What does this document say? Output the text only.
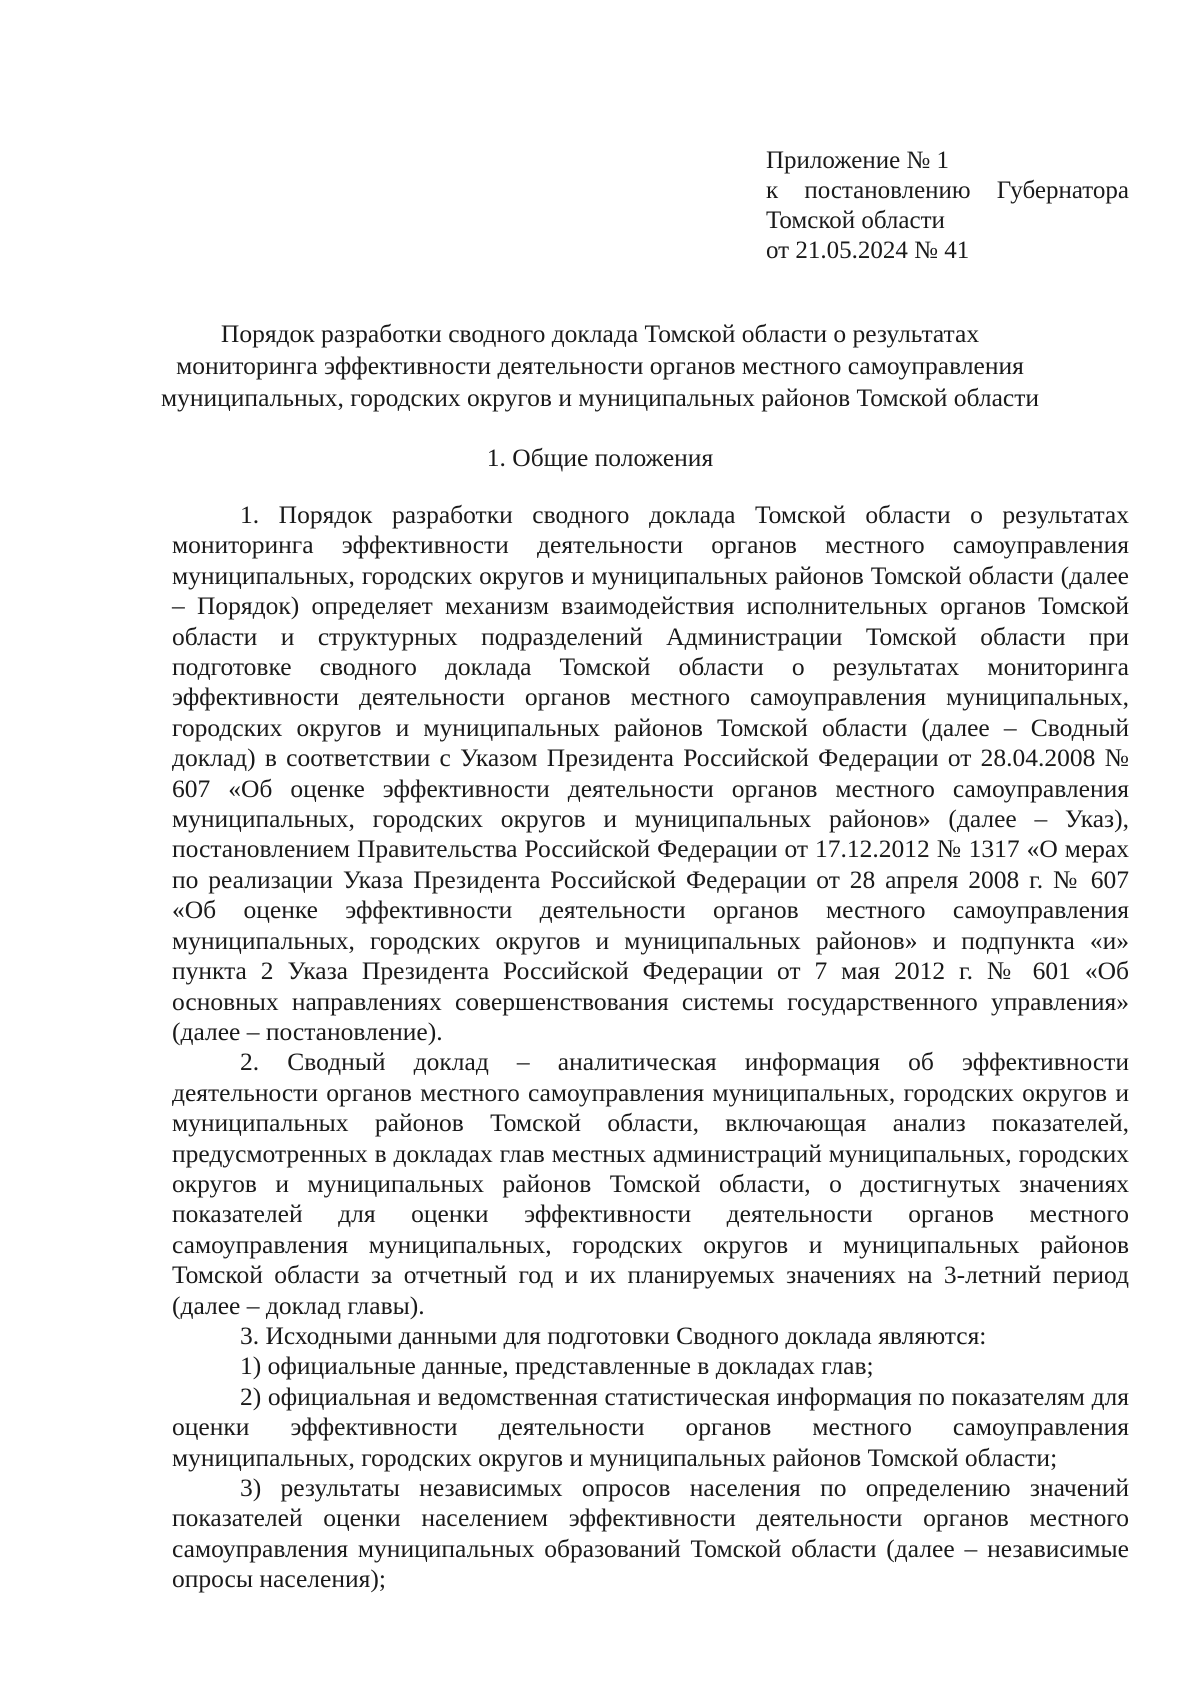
Приложение № 1
к постановлению Губернатора
Томской области
от 21.05.2024 № 41
Порядок разработки сводного доклада Томской области о результатах мониторинга эффективности деятельности органов местного самоуправления муниципальных, городских округов и муниципальных районов Томской области
1. Общие положения

1. Порядок разработки сводного доклада Томской области о результатах мониторинга эффективности деятельности органов местного самоуправления муниципальных, городских округов и муниципальных районов Томской области (далее – Порядок) определяет механизм взаимодействия исполнительных органов Томской области и структурных подразделений Администрации Томской области при подготовке сводного доклада Томской области о результатах мониторинга эффективности деятельности органов местного самоуправления муниципальных, городских округов и муниципальных районов Томской области (далее – Сводный доклад) в соответствии с Указом Президента Российской Федерации от 28.04.2008 № 607 «Об оценке эффективности деятельности органов местного самоуправления муниципальных, городских округов и муниципальных районов» (далее – Указ), постановлением Правительства Российской Федерации от 17.12.2012 № 1317 «О мерах по реализации Указа Президента Российской Федерации от 28 апреля 2008 г. № 607 «Об оценке эффективности деятельности органов местного самоуправления муниципальных, городских округов и муниципальных районов» и подпункта «и» пункта 2 Указа Президента Российской Федерации от 7 мая 2012 г. № 601 «Об основных направлениях совершенствования системы государственного управления» (далее – постановление).

2. Сводный доклад – аналитическая информация об эффективности деятельности органов местного самоуправления муниципальных, городских округов и муниципальных районов Томской области, включающая анализ показателей, предусмотренных в докладах глав местных администраций муниципальных, городских округов и муниципальных районов Томской области, о достигнутых значениях показателей для оценки эффективности деятельности органов местного самоуправления муниципальных, городских округов и муниципальных районов Томской области за отчетный год и их планируемых значениях на 3-летний период (далее – доклад главы).

3. Исходными данными для подготовки Сводного доклада являются:

1) официальные данные, представленные в докладах глав;

2) официальная и ведомственная статистическая информация по показателям для оценки эффективности деятельности органов местного самоуправления муниципальных, городских округов и муниципальных районов Томской области;

3) результаты независимых опросов населения по определению значений показателей оценки населением эффективности деятельности органов местного самоуправления муниципальных образований Томской области (далее – независимые опросы населения);
